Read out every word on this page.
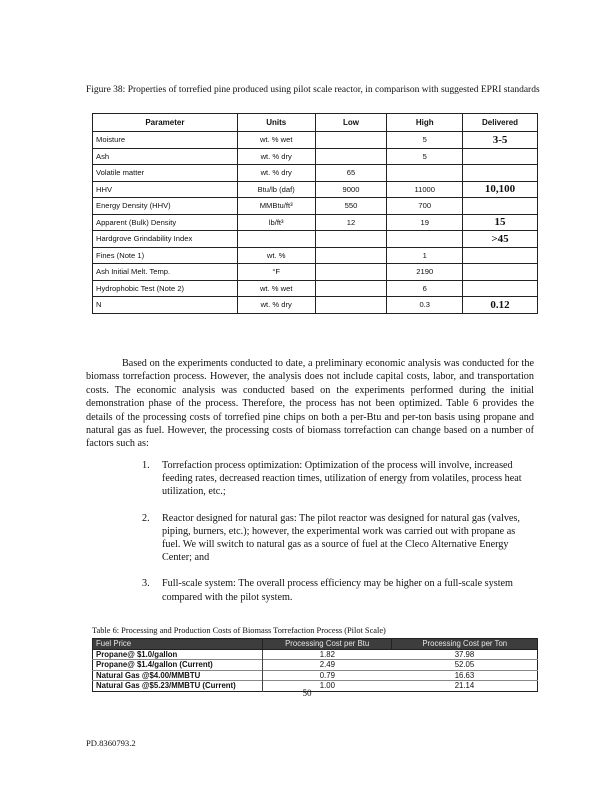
Figure 38: Properties of torrefied pine produced using pilot scale reactor, in comparison with suggested EPRI standards
Parameter	Units	Low	High	Delivered
Moisture	wt. % wet		5	3-5
Ash	wt. % dry		5	
Volatile matter	wt. % dry	65		
HHV	Btu/lb (daf)	9000	11000	10,100
Energy Density (HHV)	MMBtu/ft³	550	700	
Apparent (Bulk) Density	lb/ft³	12	19	15
Hardgrove Grindability Index				>45
Fines (Note 1)	wt. %		1	
Ash Initial Melt. Temp.	°F		2190	
Hydrophobic Test (Note 2)	wt. % wet		6	
N	wt. % dry		0.3	0.12

Based on the experiments conducted to date, a preliminary economic analysis was conducted for the biomass torrefaction process. However, the analysis does not include capital costs, labor, and transportation costs. The economic analysis was conducted based on the experiments performed during the initial demonstration phase of the process. Therefore, the process has not been optimized. Table 6 provides the details of the processing costs of torrefied pine chips on both a per-Btu and per-ton basis using propane and natural gas as fuel. However, the processing costs of biomass torrefaction can change based on a number of factors such as:

1. Torrefaction process optimization: Optimization of the process will involve, increased feeding rates, decreased reaction times, utilization of energy from volatiles, process heat utilization, etc.;
2. Reactor designed for natural gas: The pilot reactor was designed for natural gas (valves, piping, burners, etc.); however, the experimental work was carried out with propane as fuel. We will switch to natural gas as a source of fuel at the Cleco Alternative Energy Center; and
3. Full-scale system: The overall process efficiency may be higher on a full-scale system compared with the pilot system.
Table 6: Processing and Production Costs of Biomass Torrefaction Process (Pilot Scale)
Fuel Price	Processing Cost per Btu	Processing Cost per Ton
Propane@ $1.0/gallon	1.82	37.98
Propane@ $1.4/gallon (Current)	2.49	52.05
Natural Gas @$4.00/MMBTU	0.79	16.63
Natural Gas @$5.23/MMBTU (Current)	1.00	21.14
50
PD.8360793.2
